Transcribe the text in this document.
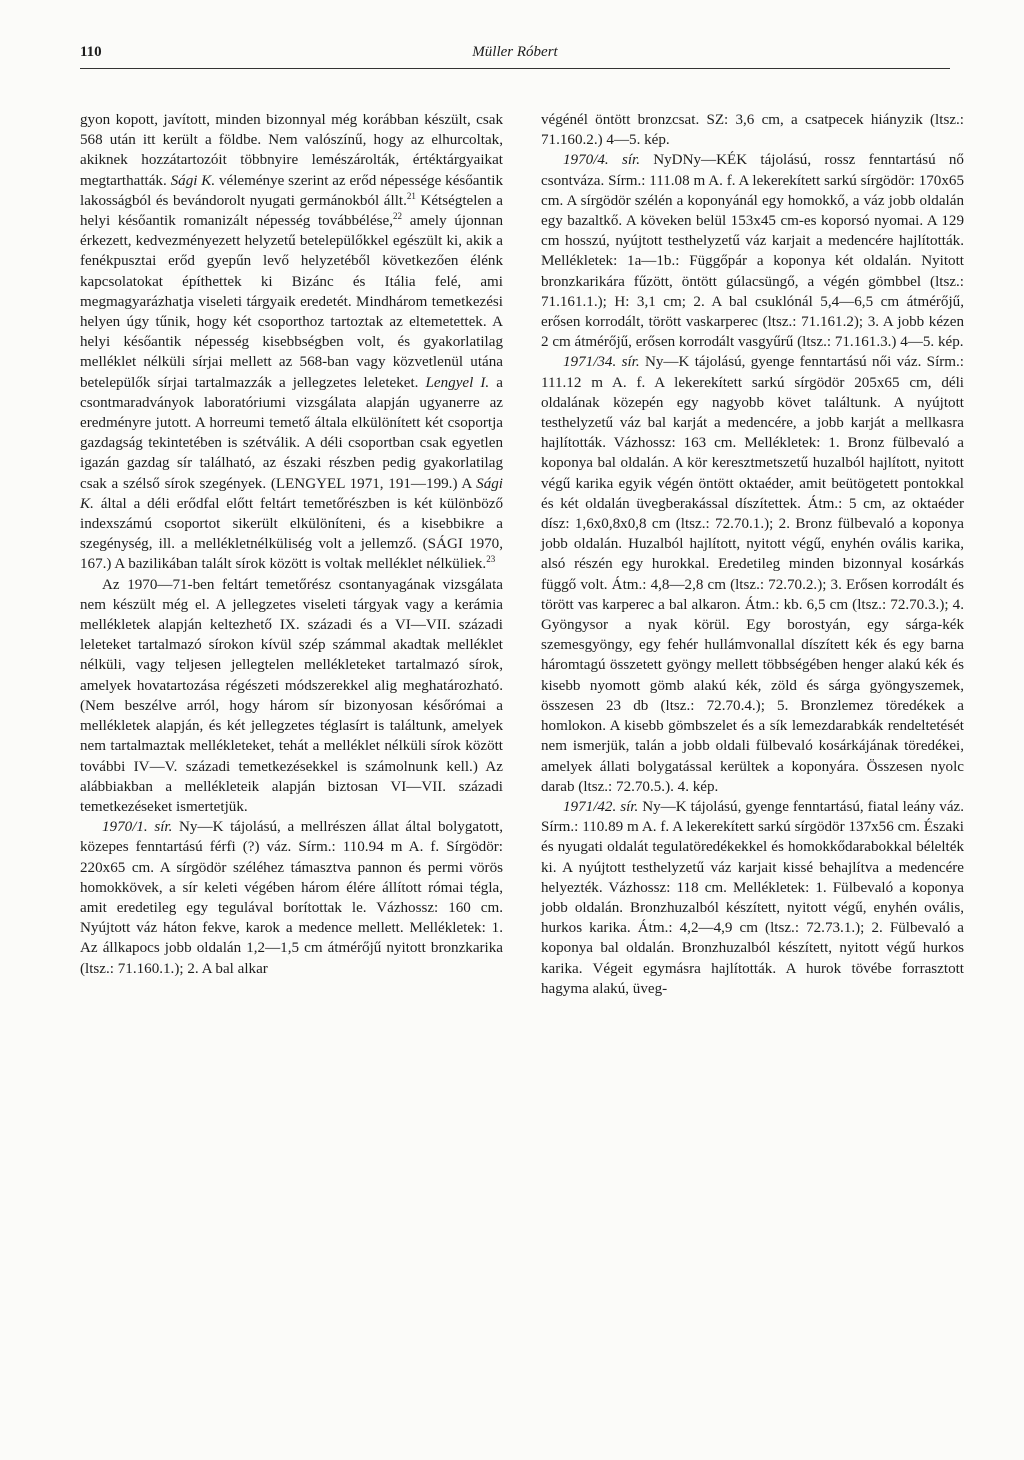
110	Müller Róbert

gyon kopott, javított, minden bizonnyal még korábban készült, csak 568 után itt került a földbe. Nem valószínű, hogy az elhurcoltak, akiknek hozzátartozóit többnyire lemészárolták, értéktárgyaikat megtarthatták. Sági K. véleménye szerint az erőd népessége későantik lakosságból és bevándorolt nyugati germánokból állt.$^{21}$ Kétségtelen a helyi későantik romanizált népesség továbbélése,$^{22}$ amely újonnan érkezett, kedvezményezett helyzetű betelepülőkkel egészült ki, akik a fenékpusztai erőd gyepűn levő helyzetéből következően élénk kapcsolatokat építhettek ki Bizánc és Itália felé, ami megmagyarázhatja viseleti tárgyaik eredetét. Mindhárom temetkezési helyen úgy tűnik, hogy két csoporthoz tartoztak az eltemetettek. A helyi későantik népesség kisebbségben volt, és gyakorlatilag melléklet nélküli sírjai mellett az 568-ban vagy közvetlenül utána betelepülők sírjai tartalmazzák a jellegzetes leleteket. Lengyel I. a csontmaradványok laboratóriumi vizsgálata alapján ugyanerre az eredményre jutott. A horreumi temető általa elkülönített két csoportja gazdagság tekintetében is szétválik. A déli csoportban csak egyetlen igazán gazdag sír található, az északi részben pedig gyakorlatilag csak a szélső sírok szegények. (LENGYEL 1971, 191—199.) A Sági K. által a déli erődfal előtt feltárt temetőrészben is két különböző indexszámú csoportot sikerült elkülöníteni, és a kisebbikre a szegénység, ill. a mellékletnélküliség volt a jellemző. (SÁGI 1970, 167.) A bazilikában talált sírok között is voltak melléklet nélküliek.$^{23}$

Az 1970—71-ben feltárt temetőrész csontanyagának vizsgálata nem készült még el. A jellegzetes viseleti tárgyak vagy a kerámia mellékletek alapján keltezhető IX. századi és a VI—VII. századi leleteket tartalmazó sírokon kívül szép számmal akadtak melléklet nélküli, vagy teljesen jellegtelen mellékleteket tartalmazó sírok, amelyek hovatartozása régészeti módszerekkel alig meghatározható. (Nem beszélve arról, hogy három sír bizonyosan későrómai a mellékletek alapján, és két jellegzetes téglasírt is találtunk, amelyek nem tartalmaztak mellékleteket, tehát a melléklet nélküli sírok között további IV—V. századi temetkezésekkel is számolnunk kell.) Az alábbiakban a mellékleteik alapján biztosan VI—VII. századi temetkezéseket ismertetjük.

1970/1. sír. Ny—K tájolású, a mellrészen állat által bolygatott, közepes fenntartású férfi (?) váz. Sírm.: 110.94 m A. f. Sírgödör: 220x65 cm. A sírgödör széléhez támasztva pannon és permi vörös homokkövek, a sír keleti végében három élére állított római tégla, amit eredetileg egy tegulával borítottak le. Vázhossz: 160 cm. Nyújtott váz háton fekve, karok a medence mellett. Mellékletek: 1. Az állkapocs jobb oldalán 1,2—1,5 cm átmérőjű nyitott bronzkarika (ltsz.: 71.160.1.); 2. A bal alkar

végénél öntött bronzcsat. SZ: 3,6 cm, a csatpecek hiányzik (ltsz.: 71.160.2.) 4—5. kép.

1970/4. sír. NyDNy—KÉK tájolású, rossz fenntartású nő csontváza. Sírm.: 111.08 m A. f. A lekerekített sarkú sírgödör: 170x65 cm. A sírgödör szélén a koponyánál egy homokkő, a váz jobb oldalán egy bazaltkő. A köveken belül 153x45 cm-es koporsó nyomai. A 129 cm hosszú, nyújtott testhelyzetű váz karjait a medencére hajlították. Mellékletek: 1a—1b.: Függőpár a koponya két oldalán. Nyitott bronzkarikára fűzött, öntött gúlacsüngő, a végén gömbbel (ltsz.: 71.161.1.); H: 3,1 cm; 2. A bal csuklónál 5,4—6,5 cm átmérőjű, erősen korrodált, törött vaskarperec (ltsz.: 71.161.2); 3. A jobb kézen 2 cm átmérőjű, erősen korrodált vasgyűrű (ltsz.: 71.161.3.) 4—5. kép.

1971/34. sír. Ny—K tájolású, gyenge fenntartású női váz. Sírm.: 111.12 m A. f. A lekerekített sarkú sírgödör 205x65 cm, déli oldalának közepén egy nagyobb követ találtunk. A nyújtott testhelyzetű váz bal karját a medencére, a jobb karját a mellkasra hajlították. Vázhossz: 163 cm. Mellékletek: 1. Bronz fülbevaló a koponya bal oldalán. A kör keresztmetszetű huzalból hajlított, nyitott végű karika egyik végén öntött oktaéder, amit beütögetett pontokkal és két oldalán üvegberakással díszítettek. Átm.: 5 cm, az oktaéder dísz: 1,6x0,8x0,8 cm (ltsz.: 72.70.1.); 2. Bronz fülbevaló a koponya jobb oldalán. Huzalból hajlított, nyitott végű, enyhén ovális karika, alsó részén egy hurokkal. Eredetileg minden bizonnyal kosárkás függő volt. Átm.: 4,8—2,8 cm (ltsz.: 72.70.2.); 3. Erősen korrodált és törött vas karperec a bal alkaron. Átm.: kb. 6,5 cm (ltsz.: 72.70.3.); 4. Gyöngysor a nyak körül. Egy borostyán, egy sárga-kék szemesgyöngy, egy fehér hullámvonallal díszített kék és egy barna háromtagú összetett gyöngy mellett többségében henger alakú kék és kisebb nyomott gömb alakú kék, zöld és sárga gyöngyszemek, összesen 23 db (ltsz.: 72.70.4.); 5. Bronzlemez töredékek a homlokon. A kisebb gömbszelet és a sík lemezdarabkák rendeltetését nem ismerjük, talán a jobb oldali fülbevaló kosárkájának töredékei, amelyek állati bolygatással kerültek a koponyára. Összesen nyolc darab (ltsz.: 72.70.5.). 4. kép.

1971/42. sír. Ny—K tájolású, gyenge fenntartású, fiatal leány váz. Sírm.: 110.89 m A. f. A lekerekített sarkú sírgödör 137x56 cm. Északi és nyugati oldalát tegulatöredékekkel és homokkődarabokkal bélelték ki. A nyújtott testhelyzetű váz karjait kissé behajlítva a medencére helyezték. Vázhossz: 118 cm. Mellékletek: 1. Fülbevaló a koponya jobb oldalán. Bronzhuzalból készített, nyitott végű, enyhén ovális, hurkos karika. Átm.: 4,2—4,9 cm (ltsz.: 72.73.1.); 2. Fülbevaló a koponya bal oldalán. Bronzhuzalból készített, nyitott végű hurkos karika. Végeit egymásra hajlították. A hurok tövébe forrasztott hagyma alakú, üveg-
